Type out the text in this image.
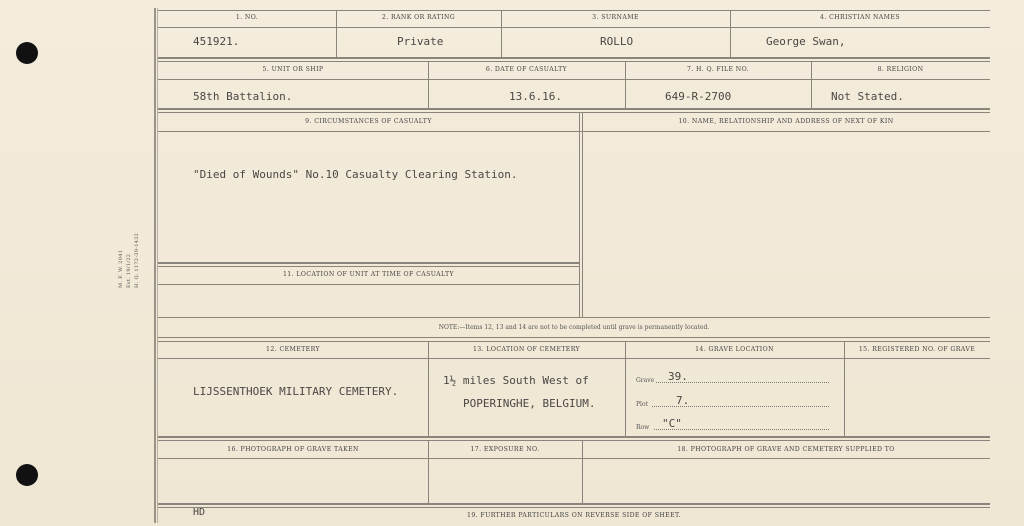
M. F. W. 2041 Est. 19/1/22 H. Q. 1172-39-1432
1. NO.	2. RANK OR RATING	3. SURNAME	4. CHRISTIAN NAMES
451921.	Private	ROLLO	George Swan,
5. UNIT OR SHIP	6. DATE OF CASUALTY	7. H. Q. FILE NO.	8. RELIGION
58th Battalion.	13.6.16.	649-R-2700	Not Stated.
9. CIRCUMSTANCES OF CASUALTY	10. NAME, RELATIONSHIP AND ADDRESS OF NEXT OF KIN
"Died of Wounds" No.10 Casualty Clearing Station.
11. LOCATION OF UNIT AT TIME OF CASUALTY
NOTE:—Items 12, 13 and 14 are not to be completed until grave is permanently located.
12. CEMETERY	13. LOCATION OF CEMETERY	14. GRAVE LOCATION	15. REGISTERED NO. OF GRAVE
LIJSSENTHOEK MILITARY CEMETERY.
1½ miles South West of
POPERINGHE, BELGIUM.
Grave 39.
Plot	7.
Row "C"
16. PHOTOGRAPH OF GRAVE TAKEN	17. EXPOSURE NO.	18. PHOTOGRAPH OF GRAVE AND CEMETERY SUPPLIED TO
HD	19. FURTHER PARTICULARS ON REVERSE SIDE OF SHEET.
